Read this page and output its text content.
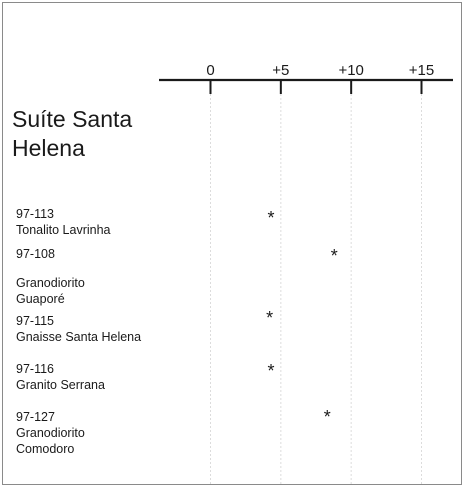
Suíte Santa
Helena
97-113
Tonalito Lavrinha
97-108
Granodiorito
Guaporé
97-115
Gnaisse Santa Helena
97-116
Granito Serrana
97-127
Granodiorito
Comodoro
0	+5	+10	+15
*
*
*
*
*
